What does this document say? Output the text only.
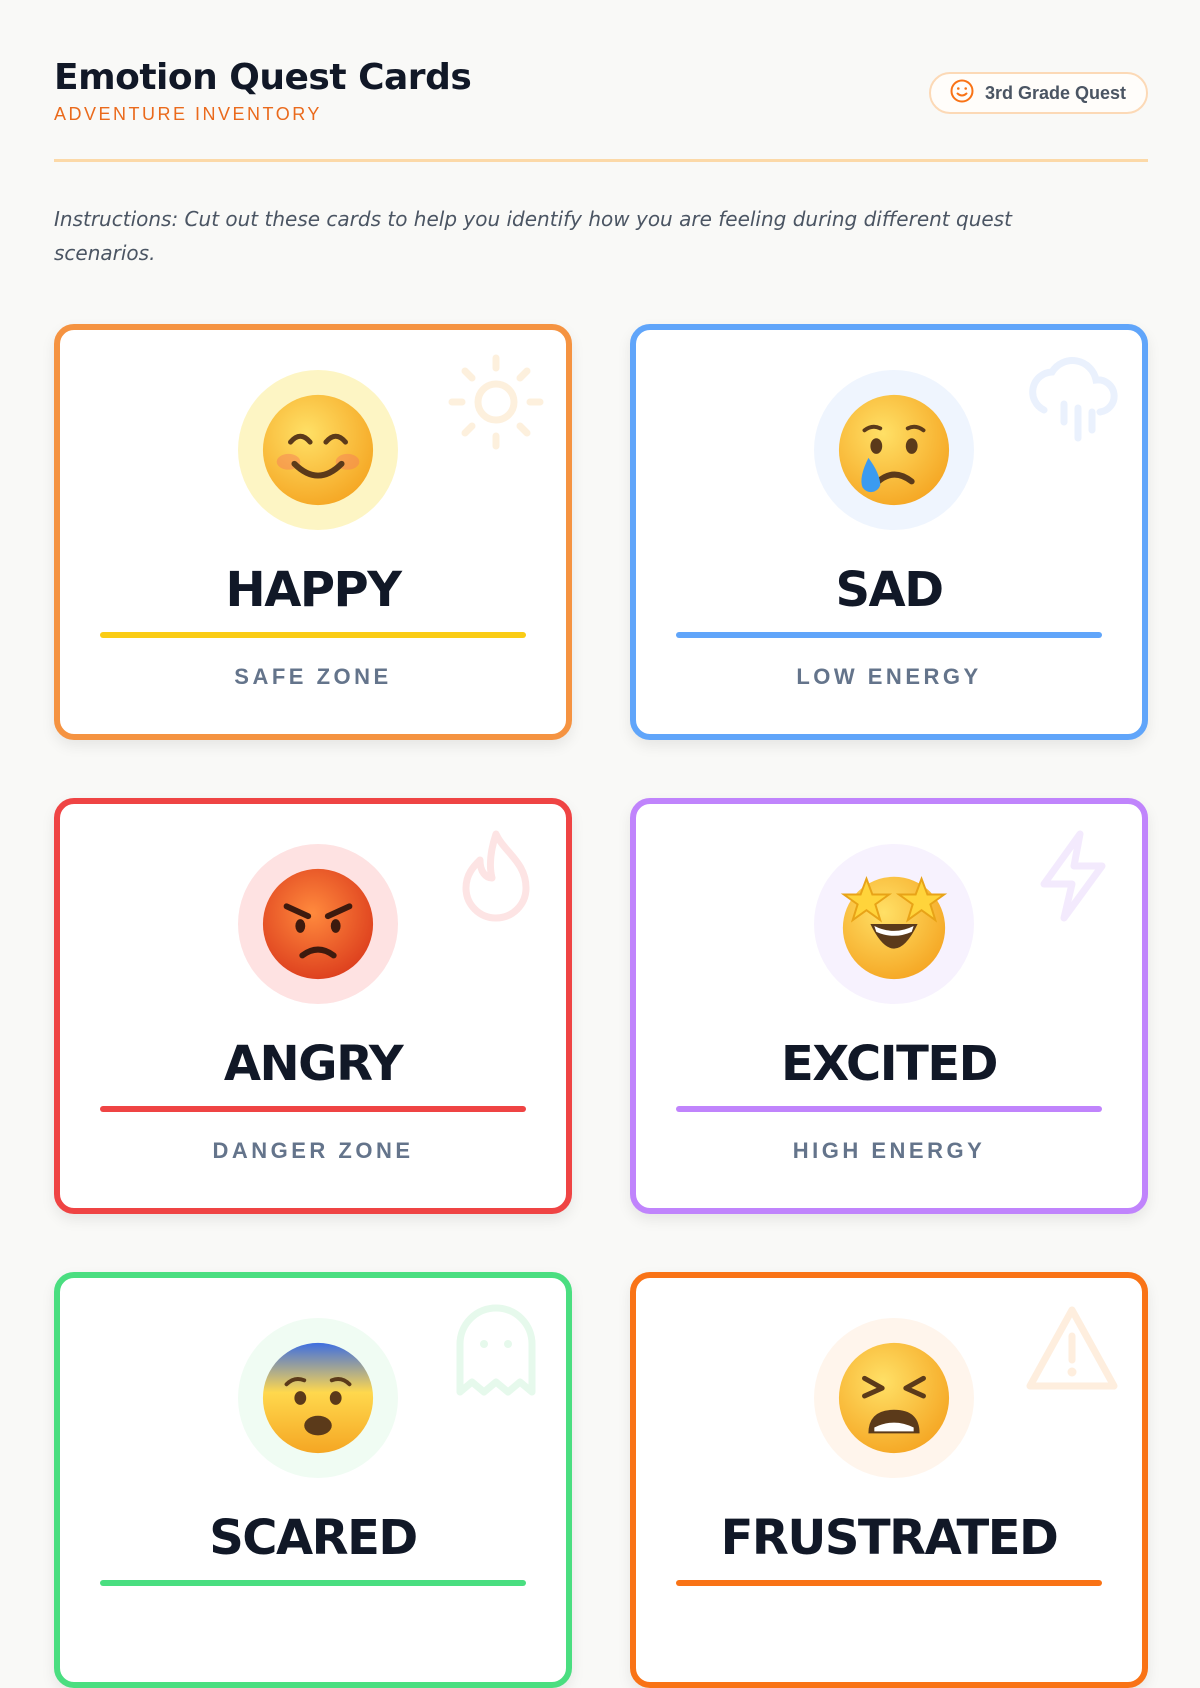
Emotion Quest Cards
ADVENTURE INVENTORY
3rd Grade Quest
Instructions: Cut out these cards to help you identify how you are feeling during different quest scenarios.
HAPPY
SAFE ZONE
SAD
LOW ENERGY
ANGRY
DANGER ZONE
EXCITED
HIGH ENERGY
SCARED	FRUSTRATED
